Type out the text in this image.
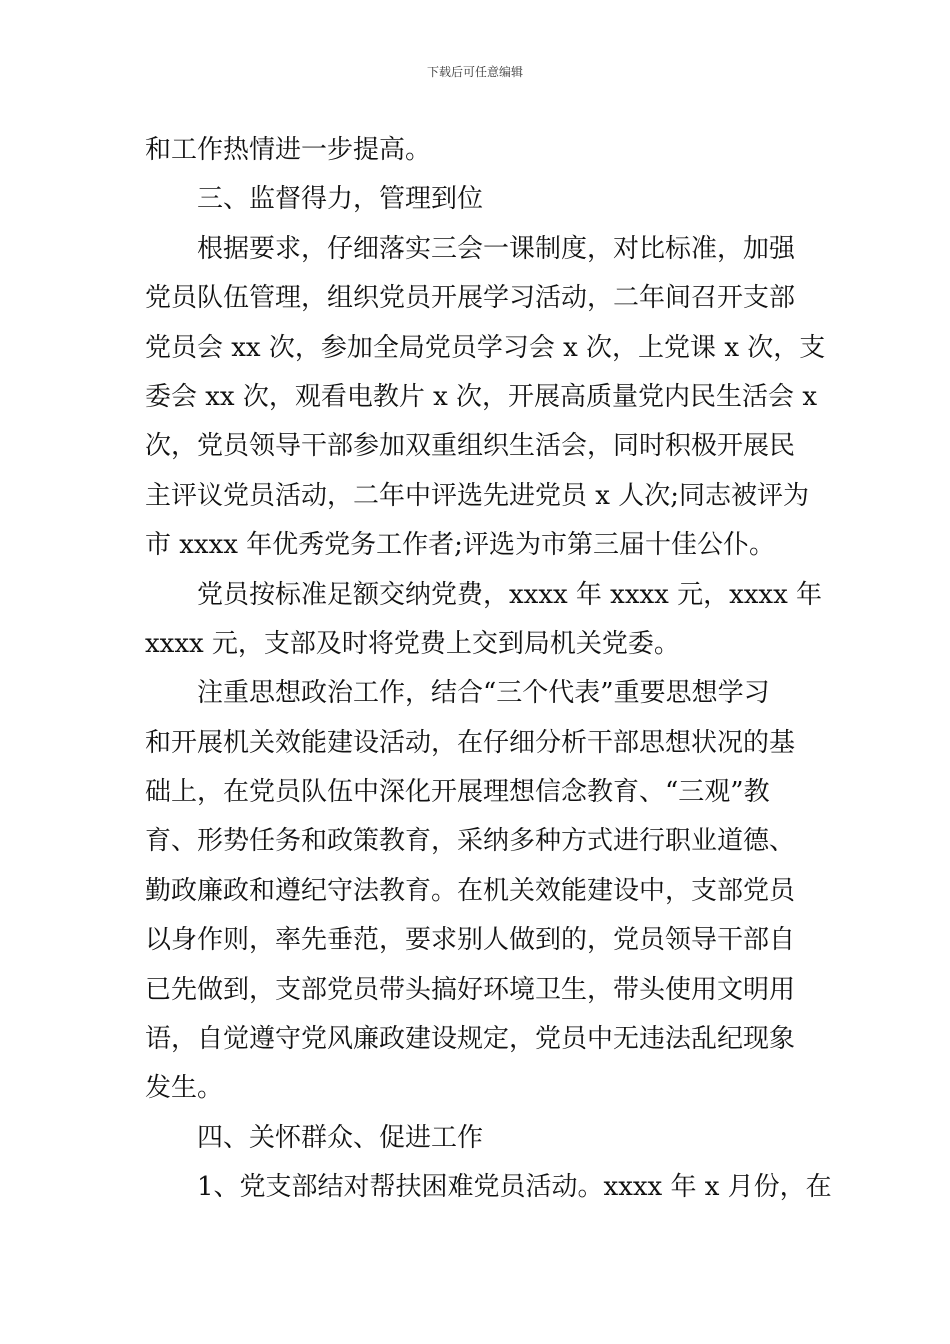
下载后可任意编辑
和工作热情进一步提高。
三、监督得力，管理到位
根据要求，仔细落实三会一课制度，对比标准，加强
党员队伍管理，组织党员开展学习活动，二年间召开支部
党员会 xx 次，参加全局党员学习会 x 次，上党课 x 次，支
委会 xx 次，观看电教片 x 次，开展高质量党内民生活会 x
次，党员领导干部参加双重组织生活会，同时积极开展民
主评议党员活动，二年中评选先进党员 x 人次;同志被评为
市 xxxx 年优秀党务工作者;评选为市第三届十佳公仆。
党员按标准足额交纳党费，xxxx 年 xxxx 元，xxxx 年
xxxx 元，支部及时将党费上交到局机关党委。
注重思想政治工作，结合“三个代表”重要思想学习
和开展机关效能建设活动，在仔细分析干部思想状况的基
础上，在党员队伍中深化开展理想信念教育、“三观”教
育、形势任务和政策教育，采纳多种方式进行职业道德、
勤政廉政和遵纪守法教育。在机关效能建设中，支部党员
以身作则，率先垂范，要求别人做到的，党员领导干部自
已先做到，支部党员带头搞好环境卫生，带头使用文明用
语，自觉遵守党风廉政建设规定，党员中无违法乱纪现象
发生。
四、关怀群众、促进工作
1、党支部结对帮扶困难党员活动。xxxx 年 x 月份，在
